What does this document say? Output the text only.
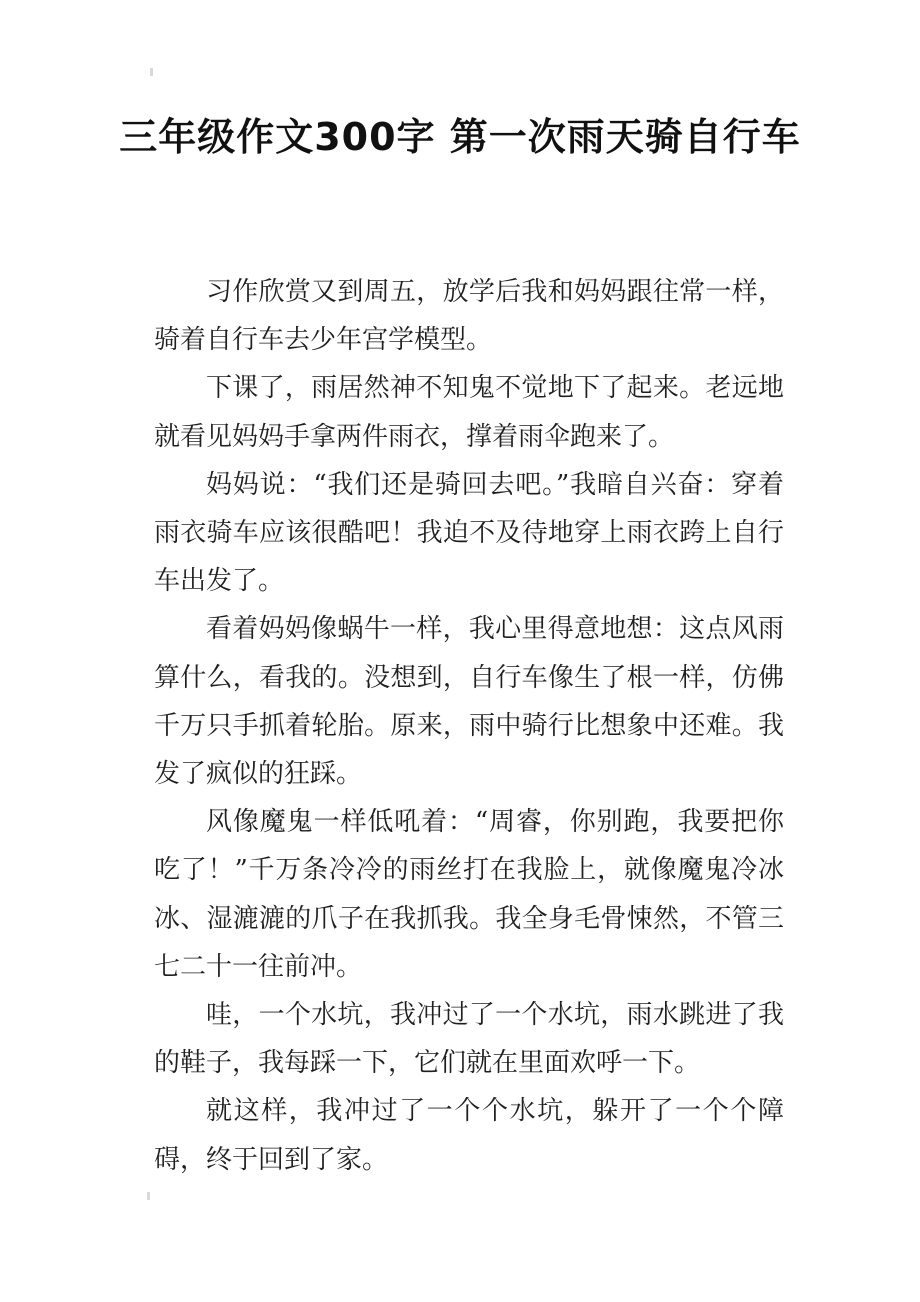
三年级作文300字 第一次雨天骑自行车

习作欣赏又到周五，放学后我和妈妈跟往常一样，骑着自行车去少年宫学模型。

下课了，雨居然神不知鬼不觉地下了起来。老远地就看见妈妈手拿两件雨衣，撑着雨伞跑来了。

妈妈说：“我们还是骑回去吧。”我暗自兴奋：穿着雨衣骑车应该很酷吧！我迫不及待地穿上雨衣跨上自行车出发了。

看着妈妈像蜗牛一样，我心里得意地想：这点风雨算什么，看我的。没想到，自行车像生了根一样，仿佛千万只手抓着轮胎。原来，雨中骑行比想象中还难。我发了疯似的狂踩。

风像魔鬼一样低吼着：“周睿，你别跑，我要把你吃了！”千万条冷冷的雨丝打在我脸上，就像魔鬼冷冰冰、湿漉漉的爪子在我抓我。我全身毛骨悚然，不管三七二十一往前冲。

哇，一个水坑，我冲过了一个水坑，雨水跳进了我的鞋子，我每踩一下，它们就在里面欢呼一下。

就这样，我冲过了一个个水坑，躲开了一个个障碍，终于回到了家。
